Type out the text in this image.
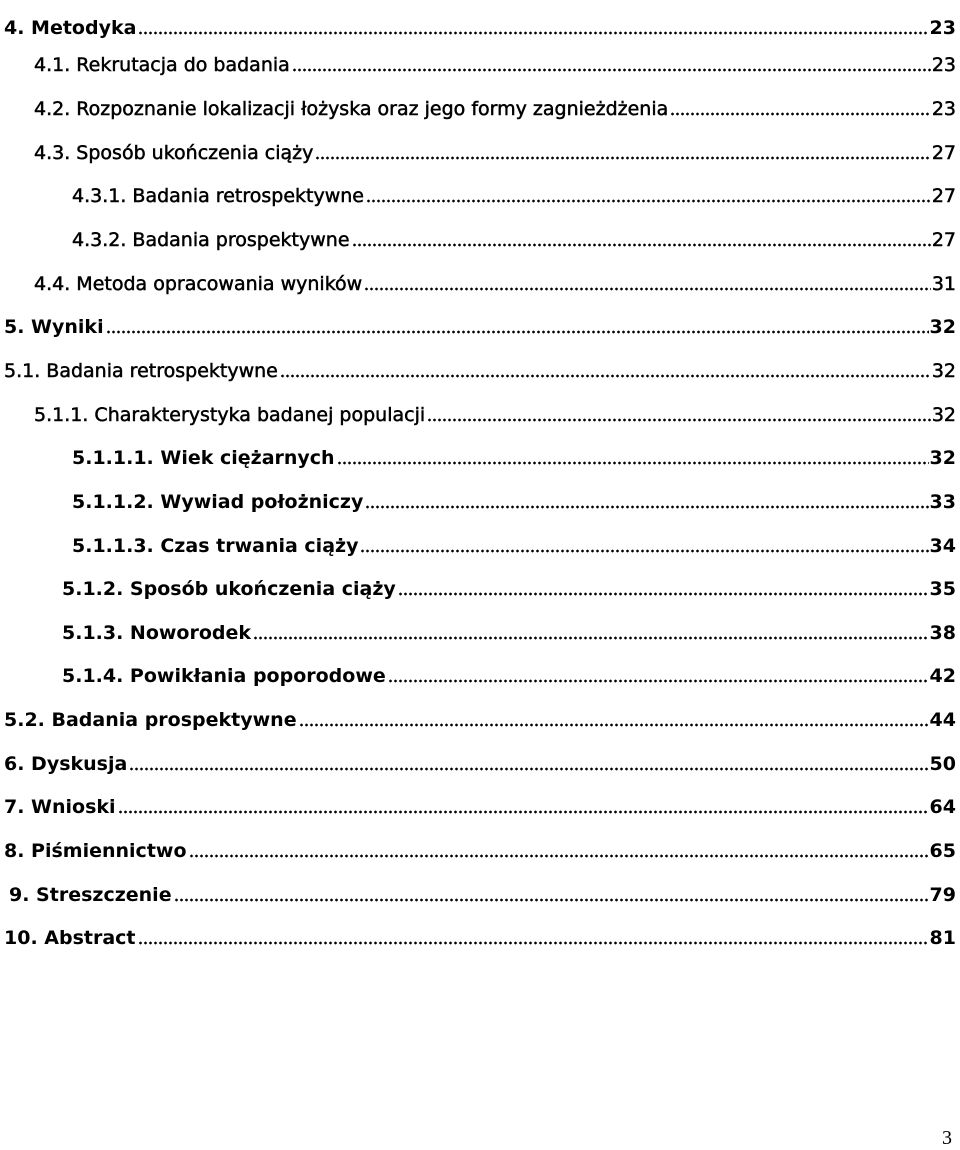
4. Metodyka	23
4.1. Rekrutacja do badania	23
4.2. Rozpoznanie lokalizacji łożyska oraz jego formy zagnieżdżenia	23
4.3. Sposób ukończenia ciąży	27
4.3.1. Badania retrospektywne	27
4.3.2. Badania prospektywne	27
4.4. Metoda opracowania wyników	31
5. Wyniki	32
5.1. Badania retrospektywne	32
5.1.1. Charakterystyka badanej populacji	32
5.1.1.1. Wiek ciężarnych	32
5.1.1.2. Wywiad położniczy	33
5.1.1.3. Czas trwania ciąży	34
5.1.2. Sposób ukończenia ciąży	35
5.1.3. Noworodek	38
5.1.4. Powikłania poporodowe	42
5.2. Badania prospektywne	44
6. Dyskusja	50
7. Wnioski	64
8. Piśmiennictwo	65
9. Streszczenie	79
10. Abstract	81
3
